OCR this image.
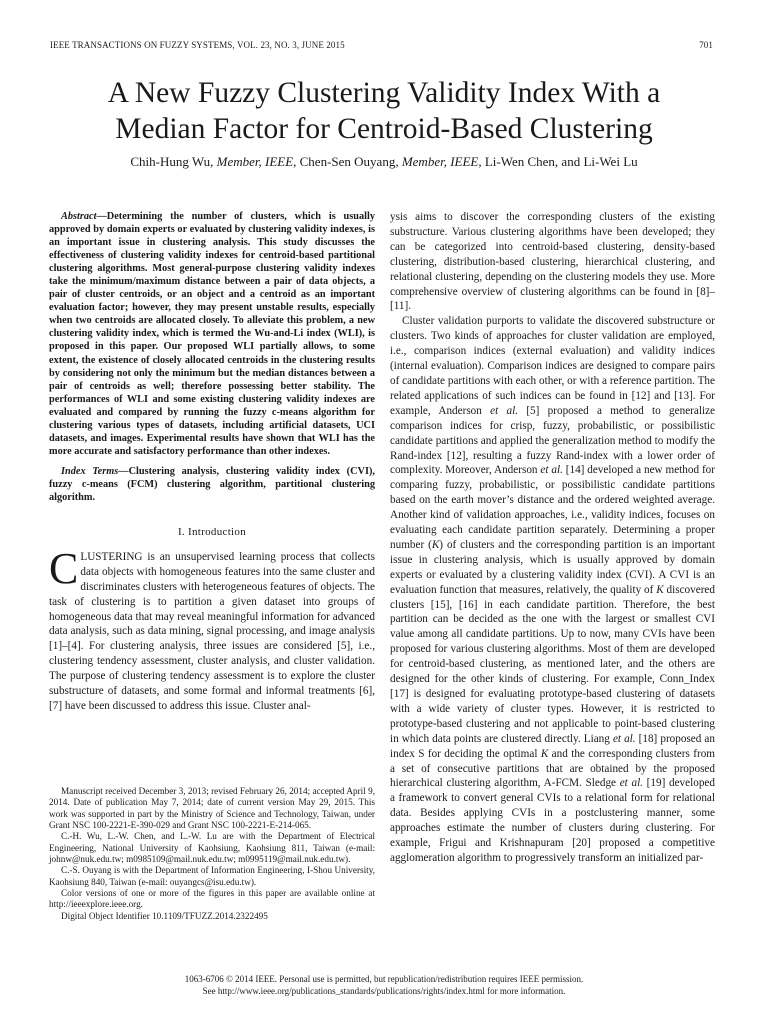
IEEE TRANSACTIONS ON FUZZY SYSTEMS, VOL. 23, NO. 3, JUNE 2015	701
A New Fuzzy Clustering Validity Index With a
Median Factor for Centroid-Based Clustering
Chih-Hung Wu, Member, IEEE, Chen-Sen Ouyang, Member, IEEE, Li-Wen Chen, and Li-Wei Lu

Abstract—Determining the number of clusters, which is usually approved by domain experts or evaluated by clustering validity indexes, is an important issue in clustering analysis. This study discusses the effectiveness of clustering validity indexes for centroid-based partitional clustering algorithms. Most general-purpose clustering validity indexes take the minimum/maximum distance between a pair of data objects, a pair of cluster centroids, or an object and a centroid as an important evaluation factor; however, they may present unstable results, especially when two centroids are allocated closely. To alleviate this problem, a new clustering validity index, which is termed the Wu-and-Li index (WLI), is proposed in this paper. Our proposed WLI partially allows, to some extent, the existence of closely allocated centroids in the clustering results by considering not only the minimum but the median distances between a pair of centroids as well; therefore possessing better stability. The performances of WLI and some existing clustering validity indexes are evaluated and compared by running the fuzzy c-means algorithm for clustering various types of datasets, including artificial datasets, UCI datasets, and images. Experimental results have shown that WLI has the more accurate and satisfactory performance than other indexes.

Index Terms—Clustering analysis, clustering validity index (CVI), fuzzy c-means (FCM) clustering algorithm, partitional clustering algorithm.

I. Introduction

CLUSTERING is an unsupervised learning process that collects data objects with homogeneous features into the same cluster and discriminates clusters with heterogeneous features of objects. The task of clustering is to partition a given dataset into groups of homogeneous data that may reveal meaningful information for advanced data analysis, such as data mining, signal processing, and image analysis [1]–[4]. For clustering analysis, three issues are considered [5], i.e., clustering tendency assessment, cluster analysis, and cluster validation. The purpose of clustering tendency assessment is to explore the cluster substructure of datasets, and some formal and informal treatments [6], [7] have been discussed to address this issue. Cluster anal-

Manuscript received December 3, 2013; revised February 26, 2014; accepted April 9, 2014. Date of publication May 7, 2014; date of current version May 29, 2015. This work was supported in part by the Ministry of Science and Technology, Taiwan, under Grant NSC 100-2221-E-390-029 and Grant NSC 100-2221-E-214-065.

C.-H. Wu, L.-W. Chen, and L.-W. Lu are with the Department of Electrical Engineering, National University of Kaohsiung, Kaohsiung 811, Taiwan (e-mail: johnw@nuk.edu.tw; m0985109@mail.nuk.edu.tw; m0995119@mail.nuk.edu.tw).

C.-S. Ouyang is with the Department of Information Engineering, I-Shou University, Kaohsiung 840, Taiwan (e-mail: ouyangcs@isu.edu.tw).

Color versions of one or more of the figures in this paper are available online at http://ieeexplore.ieee.org.

Digital Object Identifier 10.1109/TFUZZ.2014.2322495

ysis aims to discover the corresponding clusters of the existing substructure. Various clustering algorithms have been developed; they can be categorized into centroid-based clustering, density-based clustering, distribution-based clustering, hierarchical clustering, and relational clustering, depending on the clustering models they use. More comprehensive overview of clustering algorithms can be found in [8]–[11].

Cluster validation purports to validate the discovered substructure or clusters. Two kinds of approaches for cluster validation are employed, i.e., comparison indices (external evaluation) and validity indices (internal evaluation). Comparison indices are designed to compare pairs of candidate partitions with each other, or with a reference partition. The related applications of such indices can be found in [12] and [13]. For example, Anderson et al. [5] proposed a method to generalize comparison indices for crisp, fuzzy, probabilistic, or possibilistic candidate partitions and applied the generalization method to modify the Rand-index [12], resulting a fuzzy Rand-index with a lower order of complexity. Moreover, Anderson et al. [14] developed a new method for comparing fuzzy, probabilistic, or possibilistic candidate partitions based on the earth mover’s distance and the ordered weighted average. Another kind of validation approaches, i.e., validity indices, focuses on evaluating each candidate partition separately. Determining a proper number (K) of clusters and the corresponding partition is an important issue in clustering analysis, which is usually approved by domain experts or evaluated by a clustering validity index (CVI). A CVI is an evaluation function that measures, relatively, the quality of K discovered clusters [15], [16] in each candidate partition. Therefore, the best partition can be decided as the one with the largest or smallest CVI value among all candidate partitions. Up to now, many CVIs have been proposed for various clustering algorithms. Most of them are developed for centroid-based clustering, as mentioned later, and the others are designed for the other kinds of clustering. For example, Conn_Index [17] is designed for evaluating prototype-based clustering of datasets with a wide variety of cluster types. However, it is restricted to prototype-based clustering and not applicable to point-based clustering in which data points are clustered directly. Liang et al. [18] proposed an index S for deciding the optimal K and the corresponding clusters from a set of consecutive partitions that are obtained by the proposed hierarchical clustering algorithm, A-FCM. Sledge et al. [19] developed a framework to convert general CVIs to a relational form for relational data. Besides applying CVIs in a postclustering manner, some approaches estimate the number of clusters during clustering. For example, Frigui and Krishnapuram [20] proposed a competitive agglomeration algorithm to progressively transform an initialized par-

1063-6706 © 2014 IEEE. Personal use is permitted, but republication/redistribution requires IEEE permission.
See http://www.ieee.org/publications_standards/publications/rights/index.html for more information.
